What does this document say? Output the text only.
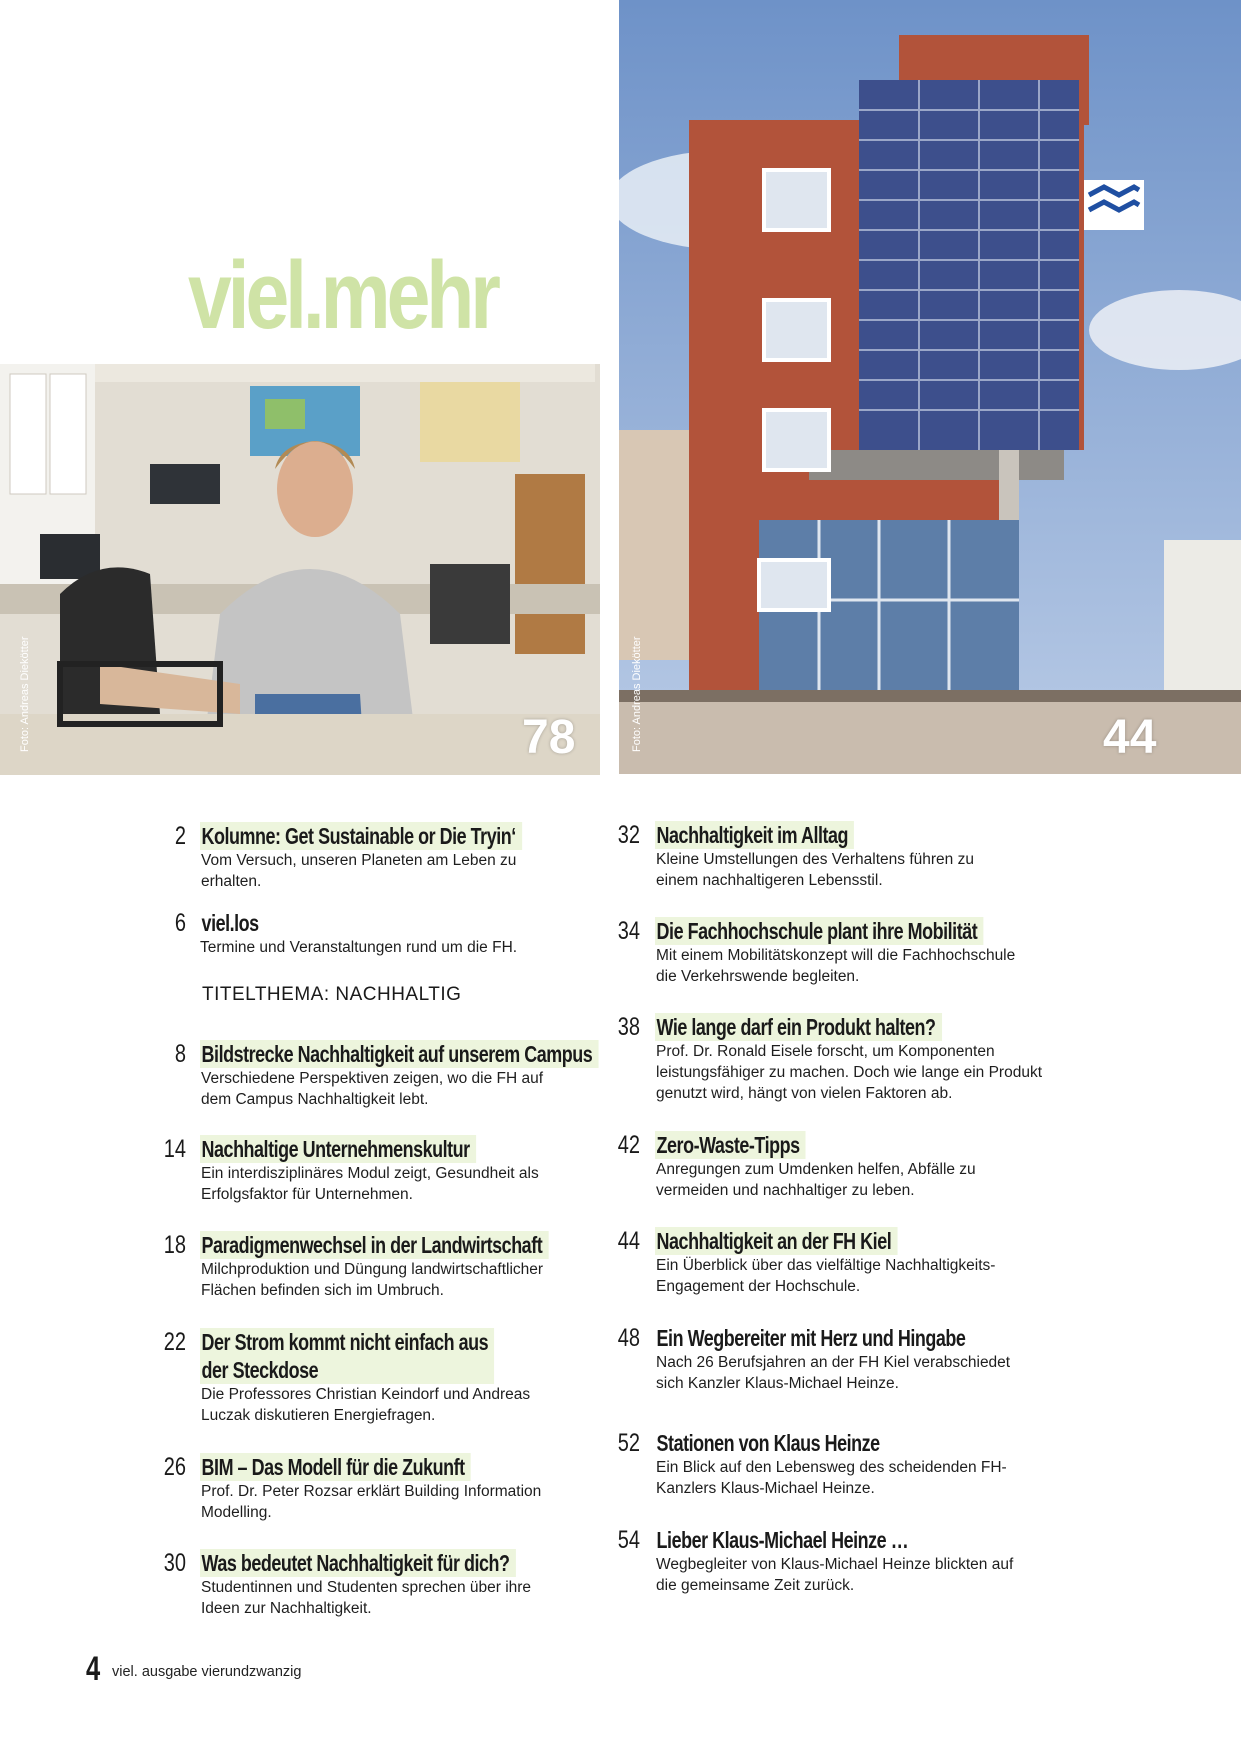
viel.mehr
78
Foto: Andreas Diekötter	44
Foto: Andreas Diekötter
2 Kolumne: Get Sustainable or Die Tryin‘
Vom Versuch, unseren Planeten am Leben zu erhalten.
6 viel.los
Termine und Veranstaltungen rund um die FH.
TITELTHEMA: NACHHALTIG
8 Bildstrecke Nachhaltigkeit auf unserem Campus
Verschiedene Perspektiven zeigen, wo die FH auf dem Campus Nachhaltigkeit lebt.
14 Nachhaltige Unternehmenskultur
Ein interdisziplinäres Modul zeigt, Gesundheit als Erfolgsfaktor für Unternehmen.
18 Paradigmenwechsel in der Landwirtschaft
Milchproduktion und Düngung landwirtschaftlicher Flächen befinden sich im Umbruch.
22 Der Strom kommt nicht einfach aus
der Steckdose
Die Professores Christian Keindorf und Andreas Luczak diskutieren Energiefragen.
26 BIM – Das Modell für die Zukunft
Prof. Dr. Peter Rozsar erklärt Building Information Modelling.
30 Was bedeutet Nachhaltigkeit für dich?
Studentinnen und Studenten sprechen über ihre Ideen zur Nachhaltigkeit.
32 Nachhaltigkeit im Alltag
Kleine Umstellungen des Verhaltens führen zu einem nachhaltigeren Lebensstil.
34 Die Fachhochschule plant ihre Mobilität
Mit einem Mobilitätskonzept will die Fachhochschule die Verkehrswende begleiten.
38 Wie lange darf ein Produkt halten?
Prof. Dr. Ronald Eisele forscht, um Komponenten leistungsfähiger zu machen. Doch wie lange ein Produkt genutzt wird, hängt von vielen Faktoren ab.
42 Zero-Waste-Tipps
Anregungen zum Umdenken helfen, Abfälle zu vermeiden und nachhaltiger zu leben.
44 Nachhaltigkeit an der FH Kiel
Ein Überblick über das vielfältige Nachhaltigkeits-Engagement der Hochschule.
48 Ein Wegbereiter mit Herz und Hingabe
Nach 26 Berufsjahren an der FH Kiel verabschiedet sich Kanzler Klaus-Michael Heinze.
52 Stationen von Klaus Heinze
Ein Blick auf den Lebensweg des scheidenden FH-Kanzlers Klaus-Michael Heinze.
54 Lieber Klaus-Michael Heinze …
Wegbegleiter von Klaus-Michael Heinze blickten auf die gemeinsame Zeit zurück.
4 viel. ausgabe vierundzwanzig
